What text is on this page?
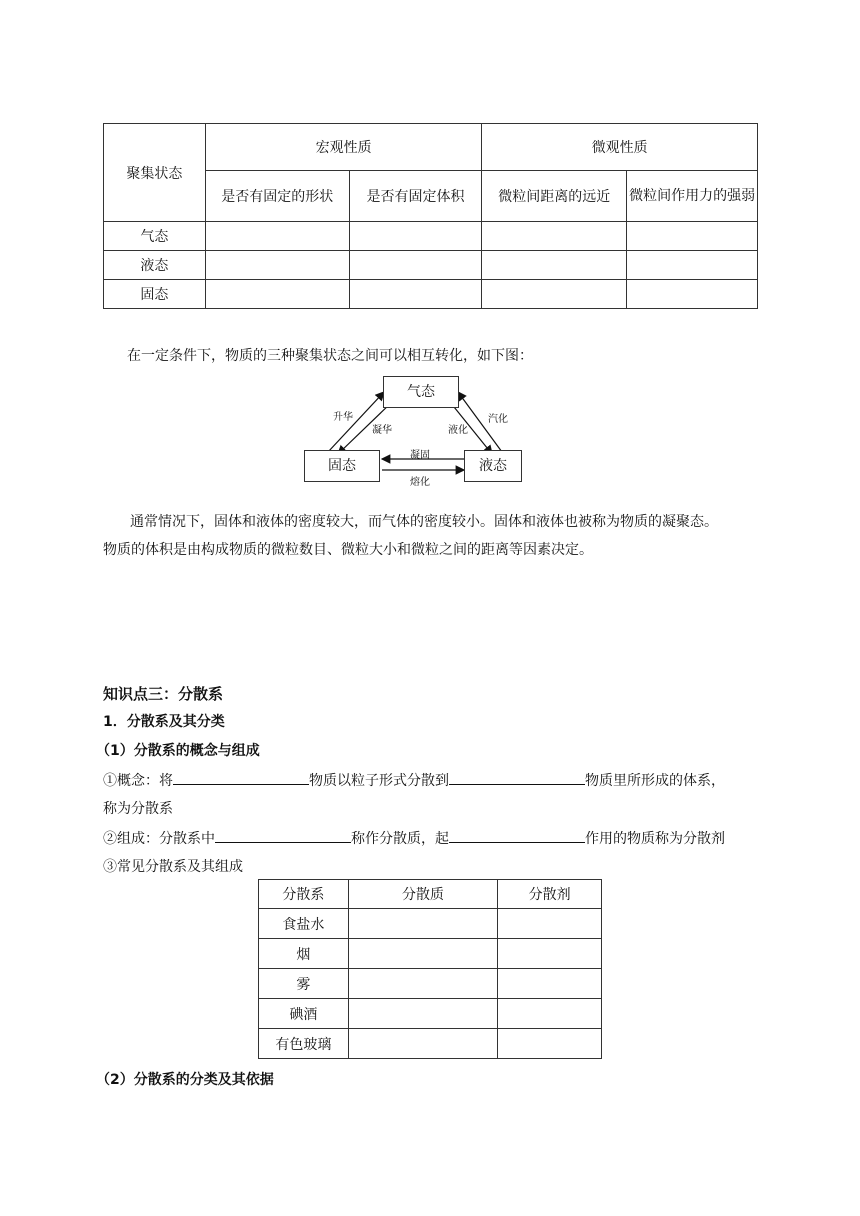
聚集状态	宏观性质		微观性质	
	是否有固定的形状	是否有固定体积	微粒间距离的远近	微粒间作用力的强弱
气态				
液态				
固态				

在一定条件下，物质的三种聚集状态之间可以相互转化，如下图：

气态
固态	液态
升华
凝华	液化
汽化
凝固
熔化

通常情况下，固体和液体的密度较大，而气体的密度较小。固体和液体也被称为物质的凝聚态。

物质的体积是由构成物质的微粒数目、微粒大小和微粒之间的距离等因素决定。

知识点三：分散系

1．分散系及其分类

（1）分散系的概念与组成

①概念：将	物质以粒子形式分散到	物质里所形成的体系，

称为分散系

②组成：分散系中	称作分散质，起	作用的物质称为分散剂

③常见分散系及其组成

分散系	分散质	分散剂
食盐水		
烟		
雾		
碘酒		
有色玻璃		

（2）分散系的分类及其依据
